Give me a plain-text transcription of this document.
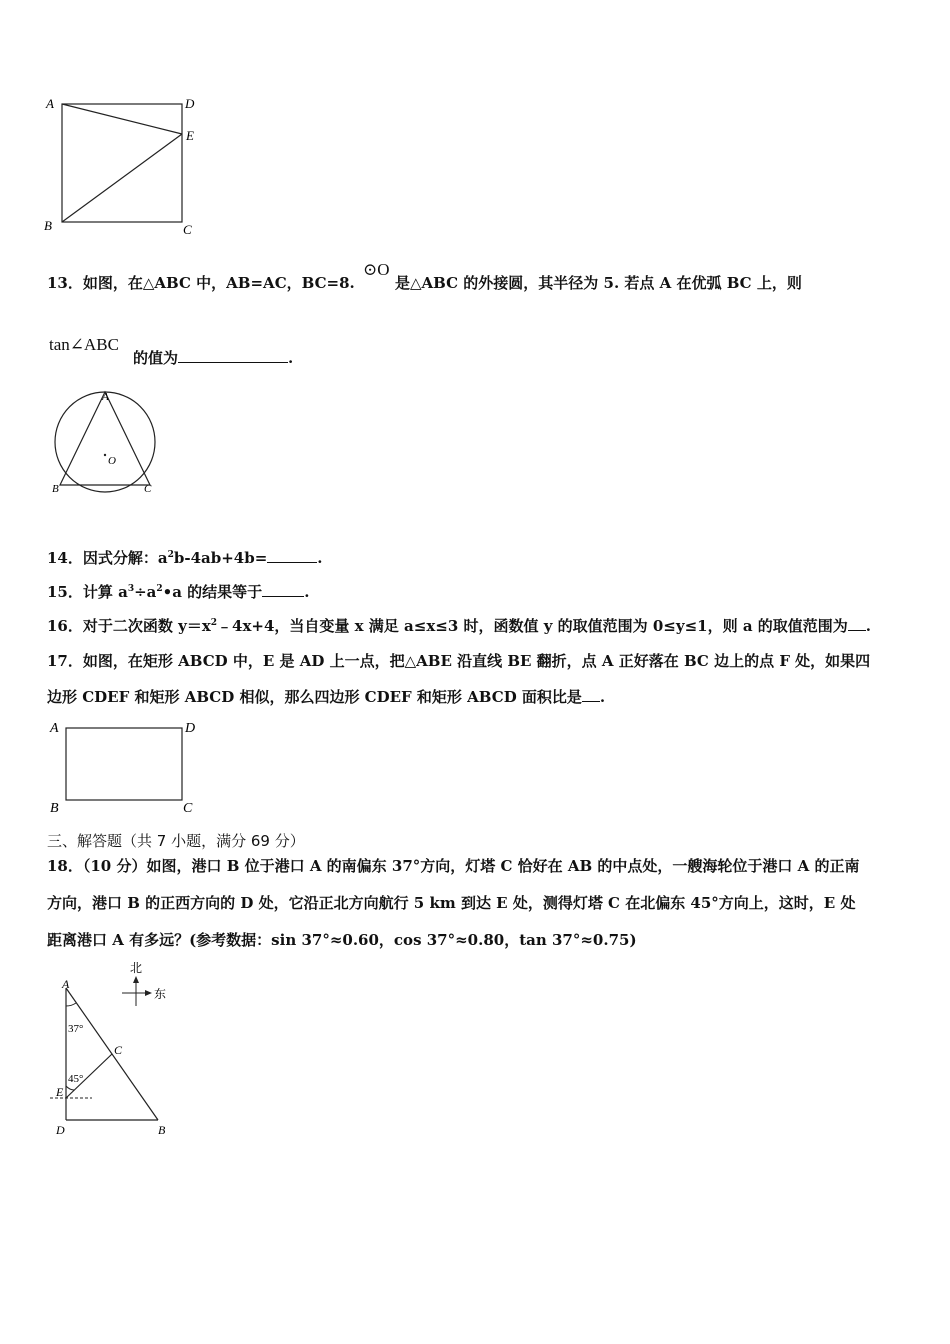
A	D
E
B	C
13．如图，在△ABC 中，AB=AC，BC=8.
⊙O
是△ABC 的外接圆，其半径为 5. 若点 A 在优弧 BC 上，则
tan∠ABC
的值为	.
A
B	C
O
14．因式分解：$a^2b-4ab+4b=$	.
15．计算 $a^3\div a^2•a$ 的结果等于	.
16．对于二次函数 $y=x^2﹣4x+4$，当自变量 x 满足 a≤x≤3 时，函数值 y 的取值范围为 0≤y≤1，则 a 的取值范围为 .
17．如图，在矩形 ABCD 中，E 是 AD 上一点，把△ABE 沿直线 BE 翻折，点 A 正好落在 BC 边上的点 F 处，如果四
边形 CDEF 和矩形 ABCD 相似，那么四边形 CDEF 和矩形 ABCD 面积比是 .
A	D
B	C
三、解答题（共 7 小题，满分 69 分）
18．（10 分）如图，港口 B 位于港口 A 的南偏东 37°方向，灯塔 C 恰好在 AB 的中点处，一艘海轮位于港口 A 的正南
方向，港口 B 的正西方向的 D 处，它沿正北方向航行 5 km 到达 E 处，测得灯塔 C 在北偏东 45°方向上，这时，E 处
距离港口 A 有多远？(参考数据：sin 37°≈0.60，cos 37°≈0.80，tan 37°≈0.75)
北
东
37°
45°
A
C
E
D	B
